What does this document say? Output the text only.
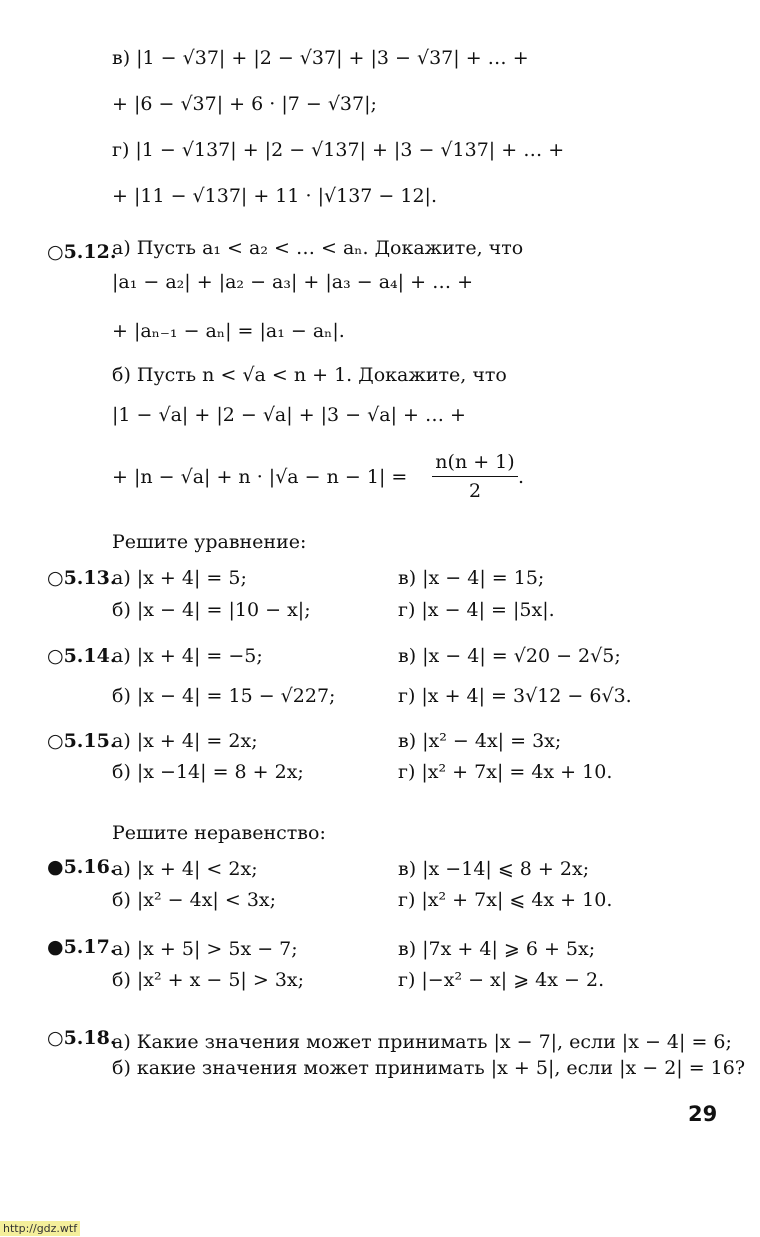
в) |1 − √37| + |2 − √37| + |3 − √37| + … +
+ |6 − √37| + 6 · |7 − √37|;
г) |1 − √137| + |2 − √137| + |3 − √137| + … +
+ |11 − √137| + 11 · |√137 − 12|.
а) Пусть a₁ < a₂ < … < aₙ. Докажите, что
|a₁ − a₂| + |a₂ − a₃| + |a₃ − a₄| + … +
+ |aₙ₋₁ − aₙ| = |a₁ − aₙ|.
б) Пусть n < √a < n + 1. Докажите, что
|1 − √a| + |2 − √a| + |3 − √a| + … +
+ |n − √a| + n · |√a − n − 1| =
Решите уравнение:
а) |x + 4| = 5;	в) |x − 4| = 15;
б) |x − 4| = |10 − x|;	г) |x − 4| = |5x|.
а) |x + 4| = −5;	в) |x − 4| = √20 − 2√5;
б) |x − 4| = 15 − √227;	г) |x + 4| = 3√12 − 6√3.
а) |x + 4| = 2x;	в) |x² − 4x| = 3x;
б) |x −14| = 8 + 2x;	г) |x² + 7x| = 4x + 10.
Решите неравенство:
а) |x + 4| < 2x;	в) |x −14| ⩽ 8 + 2x;
б) |x² − 4x| < 3x;	г) |x² + 7x| ⩽ 4x + 10.
а) |x + 5| > 5x − 7;	в) |7x + 4| ⩾ 6 + 5x;
б) |x² + x − 5| > 3x;	г) |−x² − x| ⩾ 4x − 2.
а) Какие значения может принимать |x − 7|, если |x − 4| = 6;
б) какие значения может принимать |x + 5|, если |x − 2| = 16?
○5.12.
○5.13.
○5.14.
○5.15.
●5.16.
●5.17.
○5.18.
n(n + 1)
2
.
29
http://gdz.wtf
